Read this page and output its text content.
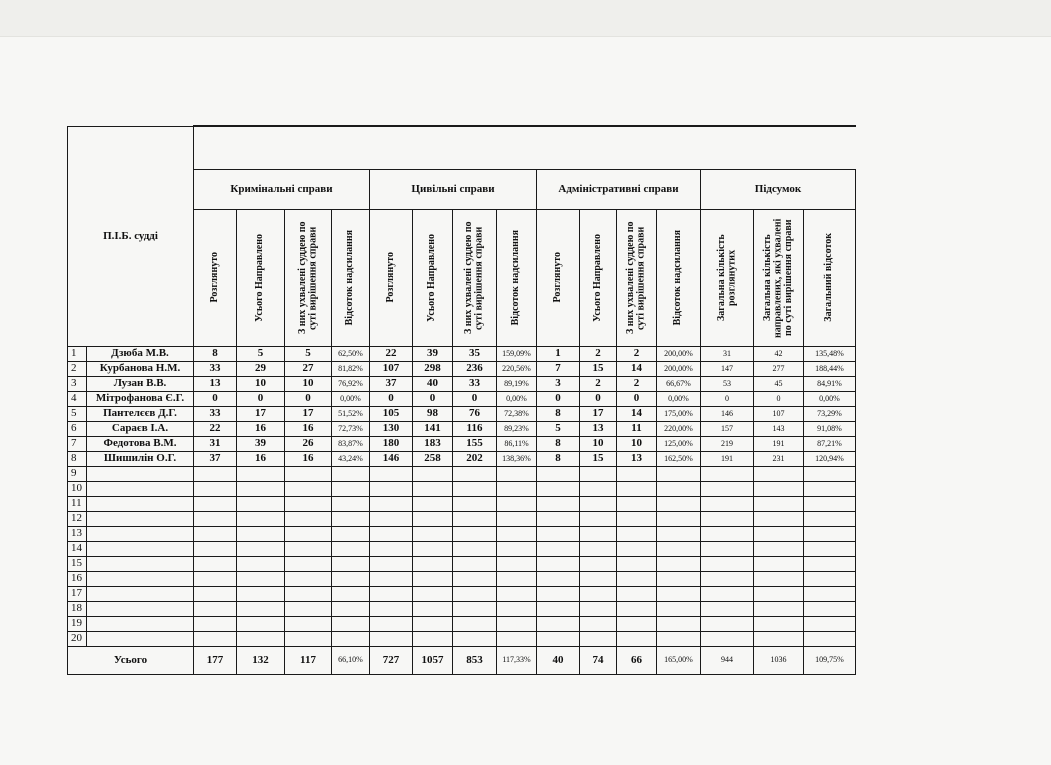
П.І.Б. судді																
		Кримінальні справи				Цивільні справи				Адміністративні справи				Підсумок		

		Розглянуто	Усього Направлено	З них ухвалені суддею по суті вирішення справи	Відсоток надсилання	Розглянуто	Усього Направлено	З них ухвалені суддею по суті вирішення справи	Відсоток надсилання	Розглянуто	Усього Направлено	З них ухвалені суддею по суті вирішення справи	Відсоток надсилання	Загальна кількість розглянутих	Загальна кількість направлених, які ухвалені по суті вирішення справи	Загальний відсоток

1	Дзюба М.В.	8	5	5	62,50%	22	39	35	159,09%	1	2	2	200,00%	31	42	135,48%
2	Курбанова Н.М.	33	29	27	81,82%	107	298	236	220,56%	7	15	14	200,00%	147	277	188,44%
3	Лузан В.В.	13	10	10	76,92%	37	40	33	89,19%	3	2	2	66,67%	53	45	84,91%
4	Мітрофанова Є.Г.	0	0	0	0,00%	0	0	0	0,00%	0	0	0	0,00%	0	0	0,00%
5	Пантелєєв Д.Г.	33	17	17	51,52%	105	98	76	72,38%	8	17	14	175,00%	146	107	73,29%
6	Сараєв І.А.	22	16	16	72,73%	130	141	116	89,23%	5	13	11	220,00%	157	143	91,08%
7	Федотова В.М.	31	39	26	83,87%	180	183	155	86,11%	8	10	10	125,00%	219	191	87,21%
8	Шишилін О.Г.	37	16	16	43,24%	146	258	202	138,36%	8	15	13	162,50%	191	231	120,94%
9																
10																
11																
12																
13																
14																
15																
16																
17																
18																
19																
20																
Усього		177	132	117	66,10%	727	1057	853	117,33%	40	74	66	165,00%	944	1036	109,75%
